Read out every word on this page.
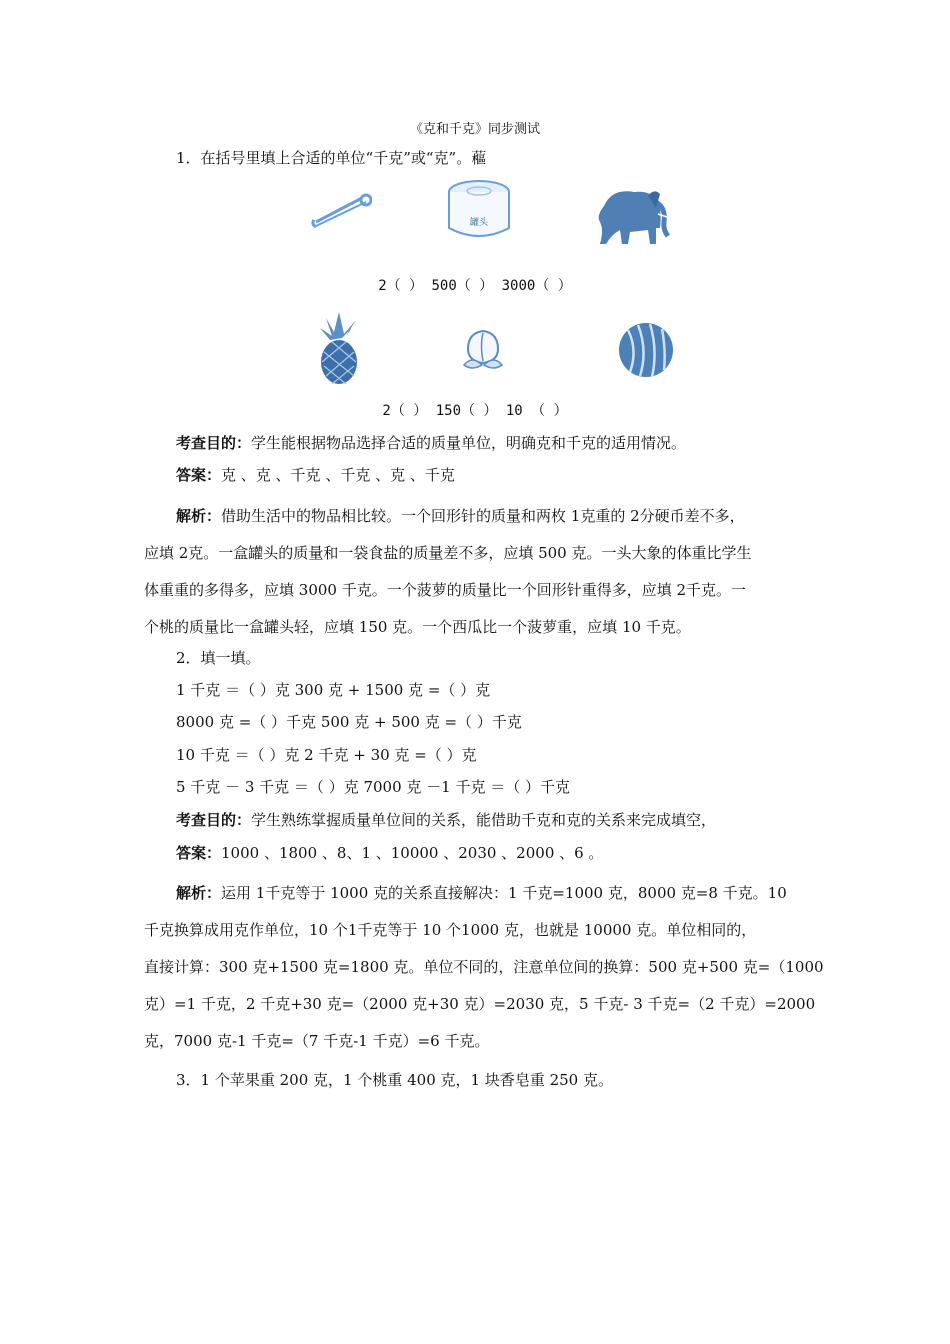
《克和千克》同步测试
1．在括号里填上合适的单位“千克”或“克”。藲
罐头
2（ ） 500（ ） 3000（ ）
2（ ） 150（ ） 10 （ ）
考查目的：学生能根据物品选择合适的质量单位，明确克和千克的适用情况。
答案：克 、克 、千克 、千克 、克 、千克
解析：借助生活中的物品相比较。一个回形针的质量和两枚 1克重的 2分硬币差不多，
应填 2克。一盒罐头的质量和一袋食盐的质量差不多，应填 500 克。一头大象的体重比学生
体重重的多得多，应填 3000 千克。一个菠萝的质量比一个回形针重得多，应填 2千克。一
个桃的质量比一盒罐头轻，应填 150 克。一个西瓜比一个菠萝重，应填 10 千克。
2．填一填。
1 千克 ＝（ ）克 300 克 + 1500 克 =（ ）克
8000 克 =（ ）千克 500 克 + 500 克 =（ ）千克
10 千克 ＝（ ）克 2 千克 + 30 克 =（ ）克
5 千克 － 3 千克 ＝（ ）克 7000 克 －1 千克 ＝（ ）千克
考查目的：学生熟练掌握质量单位间的关系，能借助千克和克的关系来完成填空，
答案：1000 、1800 、8、1 、10000 、2030 、2000 、6 。
解析：运用 1千克等于 1000 克的关系直接解决：1 千克=1000 克，8000 克=8 千克。10
千克换算成用克作单位，10 个1千克等于 10 个1000 克，也就是 10000 克。单位相同的，
直接计算：300 克+1500 克=1800 克。单位不同的，注意单位间的换算：500 克+500 克=（1000
克）=1 千克，2 千克+30 克=（2000 克+30 克）=2030 克，5 千克- 3 千克=（2 千克）=2000
克，7000 克-1 千克=（7 千克-1 千克）=6 千克。
3．1 个苹果重 200 克，1 个桃重 400 克，1 块香皂重 250 克。
